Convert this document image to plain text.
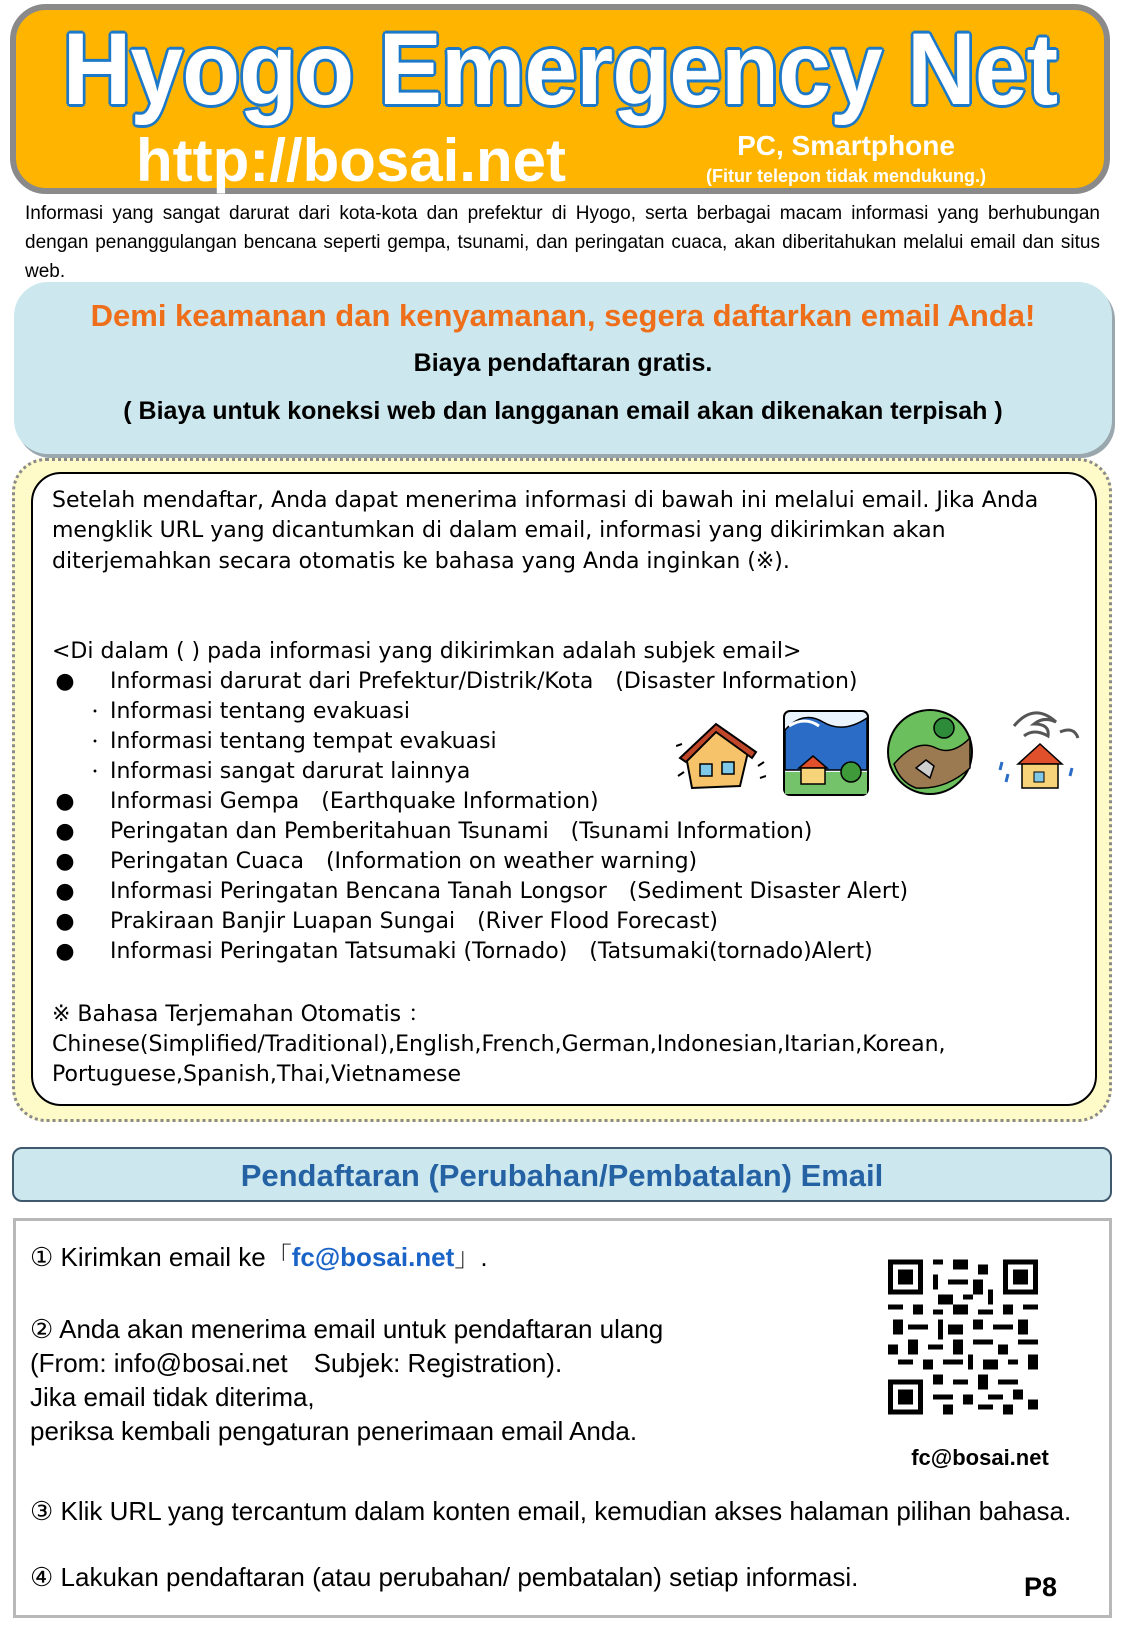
Hyogo Emergency Net
http://bosai.net	PC, Smartphone
(Fitur telepon tidak mendukung.)
Informasi yang sangat darurat dari kota-kota dan prefektur di Hyogo, serta berbagai macam informasi yang berhubungan dengan penanggulangan bencana seperti gempa, tsunami, dan peringatan cuaca, akan diberitahukan melalui email dan situs web.
Demi keamanan dan kenyamanan, segera daftarkan email Anda!
Biaya pendaftaran gratis.
( Biaya untuk koneksi web dan langganan email akan dikenakan terpisah )
Setelah mendaftar, Anda dapat menerima informasi di bawah ini melalui email. Jika Anda mengklik URL yang dicantumkan di dalam email, informasi yang dikirimkan akan diterjemahkan secara otomatis ke bahasa yang Anda inginkan (※).
<Di dalam ( ) pada informasi yang dikirimkan adalah subjek email>
● Informasi darurat dari Prefektur/Distrik/Kota　(Disaster Information)
・ Informasi tentang evakuasi
・ Informasi tentang tempat evakuasi
・ Informasi sangat darurat lainnya
● Informasi Gempa　(Earthquake Information)
● Peringatan dan Pemberitahuan Tsunami　(Tsunami Information)
● Peringatan Cuaca　(Information on weather warning)
● Informasi Peringatan Bencana Tanah Longsor　(Sediment Disaster Alert)
● Prakiraan Banjir Luapan Sungai　(River Flood Forecast)
● Informasi Peringatan Tatsumaki (Tornado)　(Tatsumaki(tornado)Alert)
※ Bahasa Terjemahan Otomatis ：
Chinese(Simplified/Traditional),English,French,German,Indonesian,Itarian,Korean, Portuguese,Spanish,Thai,Vietnamese
Pendaftaran (Perubahan/Pembatalan) Email
① Kirimkan email ke「fc@bosai.net」.
② Anda akan menerima email untuk pendaftaran ulang
(From: info@bosai.net　Subjek: Registration).
Jika email tidak diterima,
periksa kembali pengaturan penerimaan email Anda.
③ Klik URL yang tercantum dalam konten email, kemudian akses halaman pilihan bahasa.
④ Lakukan pendaftaran (atau perubahan/ pembatalan) setiap informasi.
fc@bosai.net
P8
